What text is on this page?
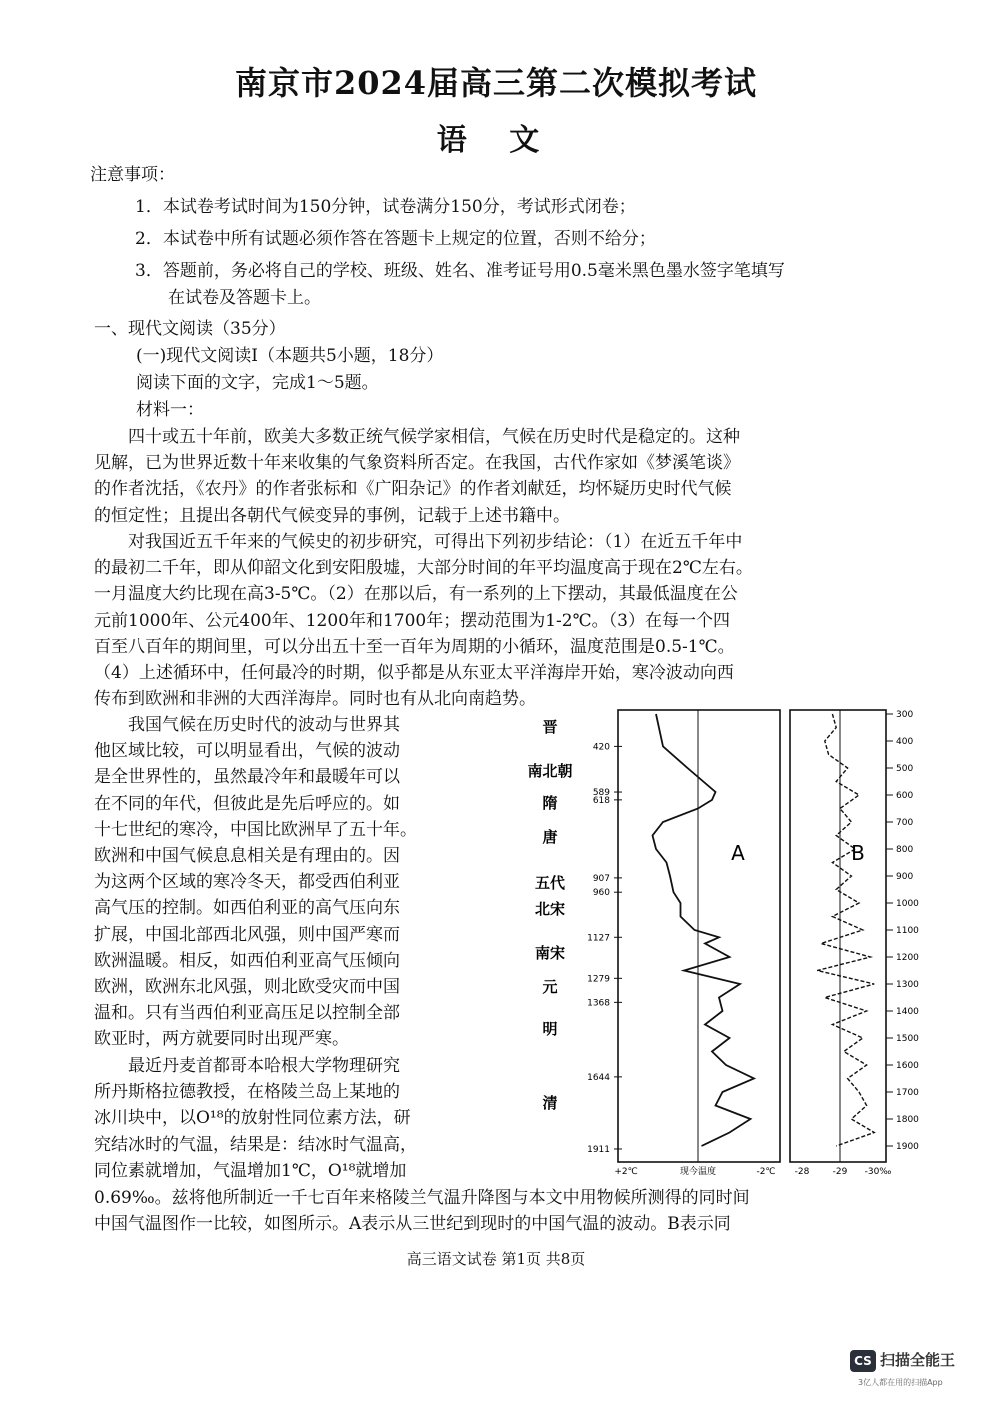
南京市2024届高三第二次模拟考试
语 文
注意事项：
1．本试卷考试时间为150分钟，试卷满分150分，考试形式闭卷；
2．本试卷中所有试题必须作答在答题卡上规定的位置，否则不给分；
3．答题前，务必将自己的学校、班级、姓名、准考证号用0.5毫米黑色墨水签字笔填写
在试卷及答题卡上。
一、现代文阅读（35分）
(一)现代文阅读Ⅰ（本题共5小题，18分）
阅读下面的文字，完成1～5题。
材料一：
四十或五十年前，欧美大多数正统气候学家相信，气候在历史时代是稳定的。这种
见解，已为世界近数十年来收集的气象资料所否定。在我国，古代作家如《梦溪笔谈》
的作者沈括，《农丹》的作者张标和《广阳杂记》的作者刘献廷，均怀疑历史时代气候
的恒定性；且提出各朝代气候变异的事例，记载于上述书籍中。
对我国近五千年来的气候史的初步研究，可得出下列初步结论：（1）在近五千年中
的最初二千年，即从仰韶文化到安阳殷墟，大部分时间的年平均温度高于现在2℃左右。
一月温度大约比现在高3-5℃。（2）在那以后，有一系列的上下摆动，其最低温度在公
元前1000年、公元400年、1200年和1700年；摆动范围为1-2℃。（3）在每一个四
百至八百年的期间里，可以分出五十至一百年为周期的小循环，温度范围是0.5-1℃。
（4）上述循环中，任何最冷的时期，似乎都是从东亚太平洋海岸开始，寒冷波动向西
传布到欧洲和非洲的大西洋海岸。同时也有从北向南趋势。
我国气候在历史时代的波动与世界其
他区域比较，可以明显看出，气候的波动
是全世界性的，虽然最冷年和最暖年可以
在不同的年代，但彼此是先后呼应的。如
十七世纪的寒冷，中国比欧洲早了五十年。
欧洲和中国气候息息相关是有理由的。因
为这两个区域的寒冷冬天，都受西伯利亚
高气压的控制。如西伯利亚的高气压向东
扩展，中国北部西北风强，则中国严寒而
欧洲温暖。相反，如西伯利亚高气压倾向
欧洲，欧洲东北风强，则北欧受灾而中国
温和。只有当西伯利亚高压足以控制全部
欧亚时，两方就要同时出现严寒。
最近丹麦首都哥本哈根大学物理研究
所丹斯格拉德教授，在格陵兰岛上某地的
冰川块中，以O¹⁸的放射性同位素方法，研
究结冰时的气温，结果是：结冰时气温高，
同位素就增加，气温增加1℃，O¹⁸就增加
0.69‰。兹将他所制近一千七百年来格陵兰气温升降图与本文中用物候所测得的同时间
中国气温图作一比较，如图所示。A表示从三世纪到现时的中国气温的波动。B表示同
晋
南北朝
隋
唐
五代
北宋
南宋
元
明
清
420
589
618
907
960
1127
1279
1368
1644
1911
300
400
500
600
700
800
900
1000
1100
1200
1300
1400
1500
1600
1700
1800
1900
A	B
+2℃	现今温度	-2℃ -28	-29 -30‰
高三语文试卷 第1页 共8页
CS 扫描全能王
3亿人都在用的扫描App
